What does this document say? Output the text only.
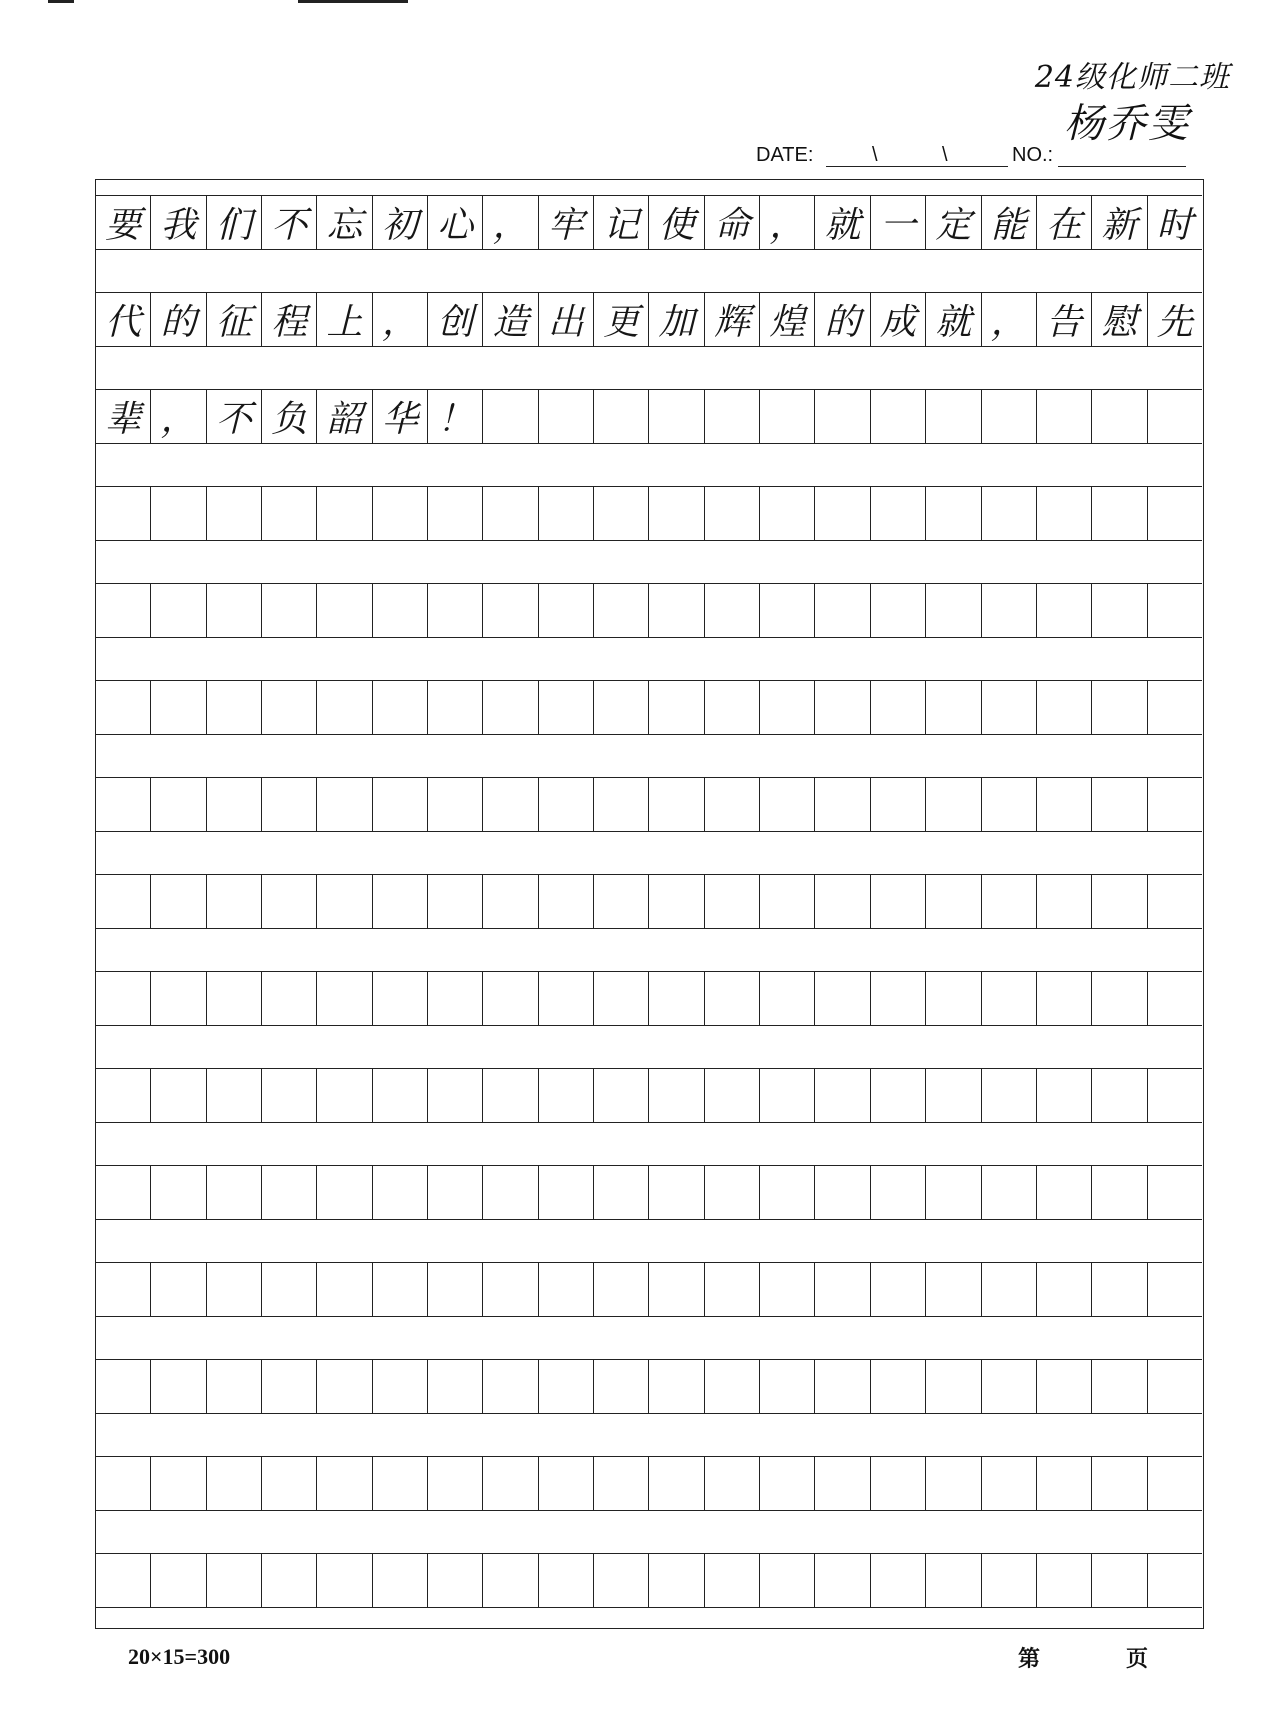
24级化师二班
杨乔雯
DATE:	\	\	NO.:
要 我 们 不 忘 初 心 ， 牢 记 使 命 ， 就 一 定 能 在 新 时
代 的 征 程 上 ， 创 造 出 更 加 辉 煌 的 成 就 ， 告 慰 先
辈 ， 不 负 韶 华 ！
20×15=300	第	页
